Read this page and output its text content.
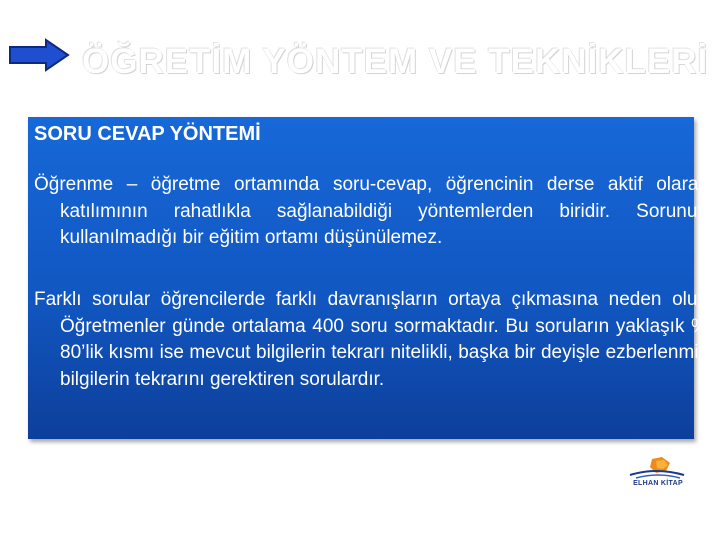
ÖĞRETİM YÖNTEM VE TEKNİKLERİ
SORU CEVAP YÖNTEMİ

Öğrenme – öğretme ortamında soru-cevap, öğrencinin derse aktif olarak katılımının rahatlıkla sağlanabildiği yöntemlerden biridir. Sorunun kullanılmadığı bir eğitim ortamı düşünülemez.

Farklı sorular öğrencilerde farklı davranışların ortaya çıkmasına neden olur. Öğretmenler günde ortalama 400 soru sormaktadır. Bu soruların yaklaşık % 80’lik kısmı ise mevcut bilgilerin tekrarı nitelikli, başka bir deyişle ezberlenmiş bilgilerin tekrarını gerektiren sorulardır.

ELHAN KİTAP
